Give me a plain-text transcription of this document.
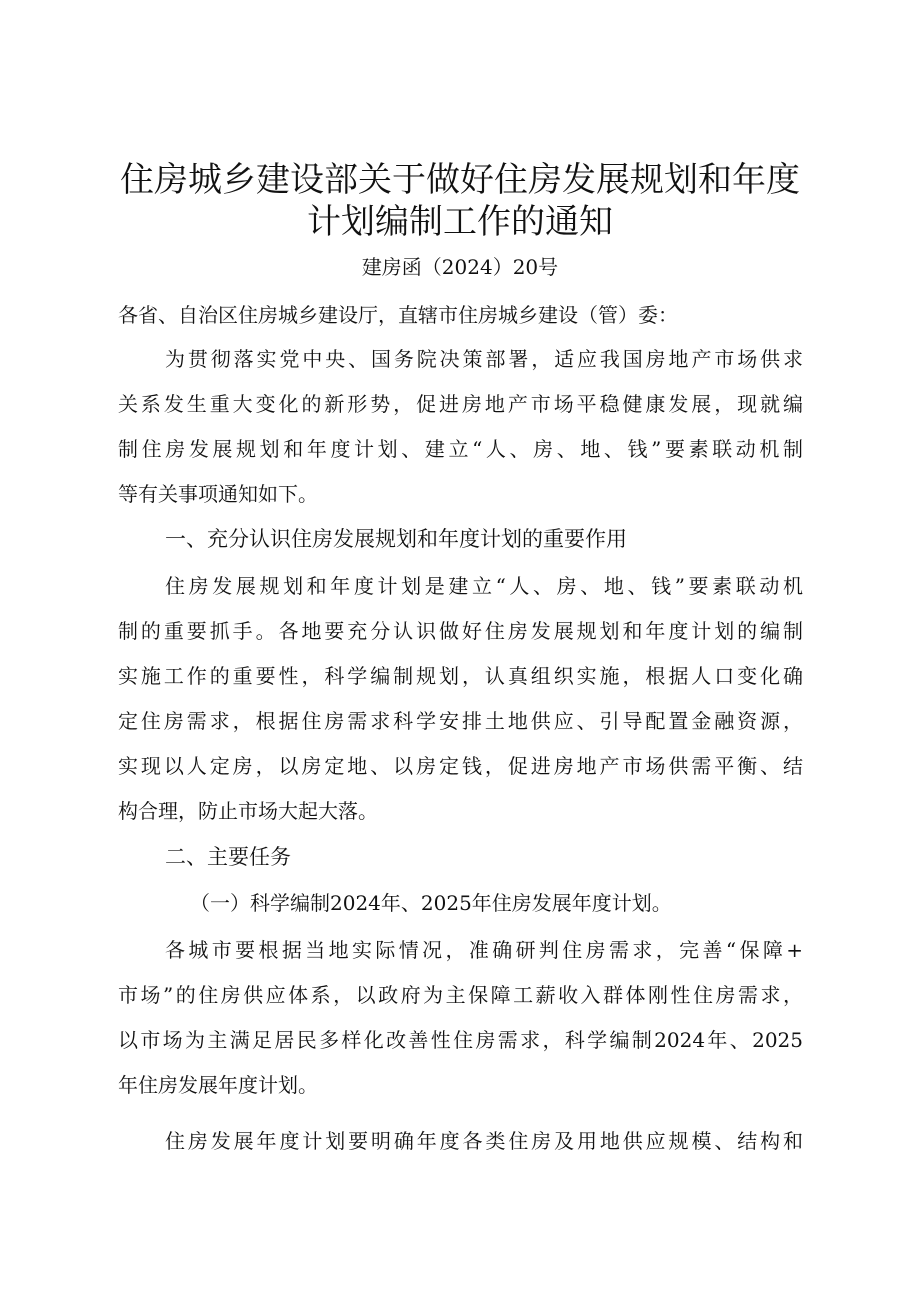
住房城乡建设部关于做好住房发展规划和年度
计划编制工作的通知
建房函（2024）20号
各省、自治区住房城乡建设厅，直辖市住房城乡建设（管）委：
为贯彻落实党中央、国务院决策部署，适应我国房地产市场供求
关系发生重大变化的新形势，促进房地产市场平稳健康发展，现就编
制住房发展规划和年度计划、建立“人、房、地、钱”要素联动机制
等有关事项通知如下。
一、充分认识住房发展规划和年度计划的重要作用
住房发展规划和年度计划是建立“人、房、地、钱”要素联动机
制的重要抓手。各地要充分认识做好住房发展规划和年度计划的编制
实施工作的重要性，科学编制规划，认真组织实施，根据人口变化确
定住房需求，根据住房需求科学安排土地供应、引导配置金融资源，
实现以人定房，以房定地、以房定钱，促进房地产市场供需平衡、结
构合理，防止市场大起大落。
二、主要任务
（一）科学编制2024年、2025年住房发展年度计划。
各城市要根据当地实际情况，准确研判住房需求，完善“保障+
市场”的住房供应体系，以政府为主保障工薪收入群体刚性住房需求，
以市场为主满足居民多样化改善性住房需求，科学编制2024年、2025
年住房发展年度计划。
住房发展年度计划要明确年度各类住房及用地供应规模、结构和
